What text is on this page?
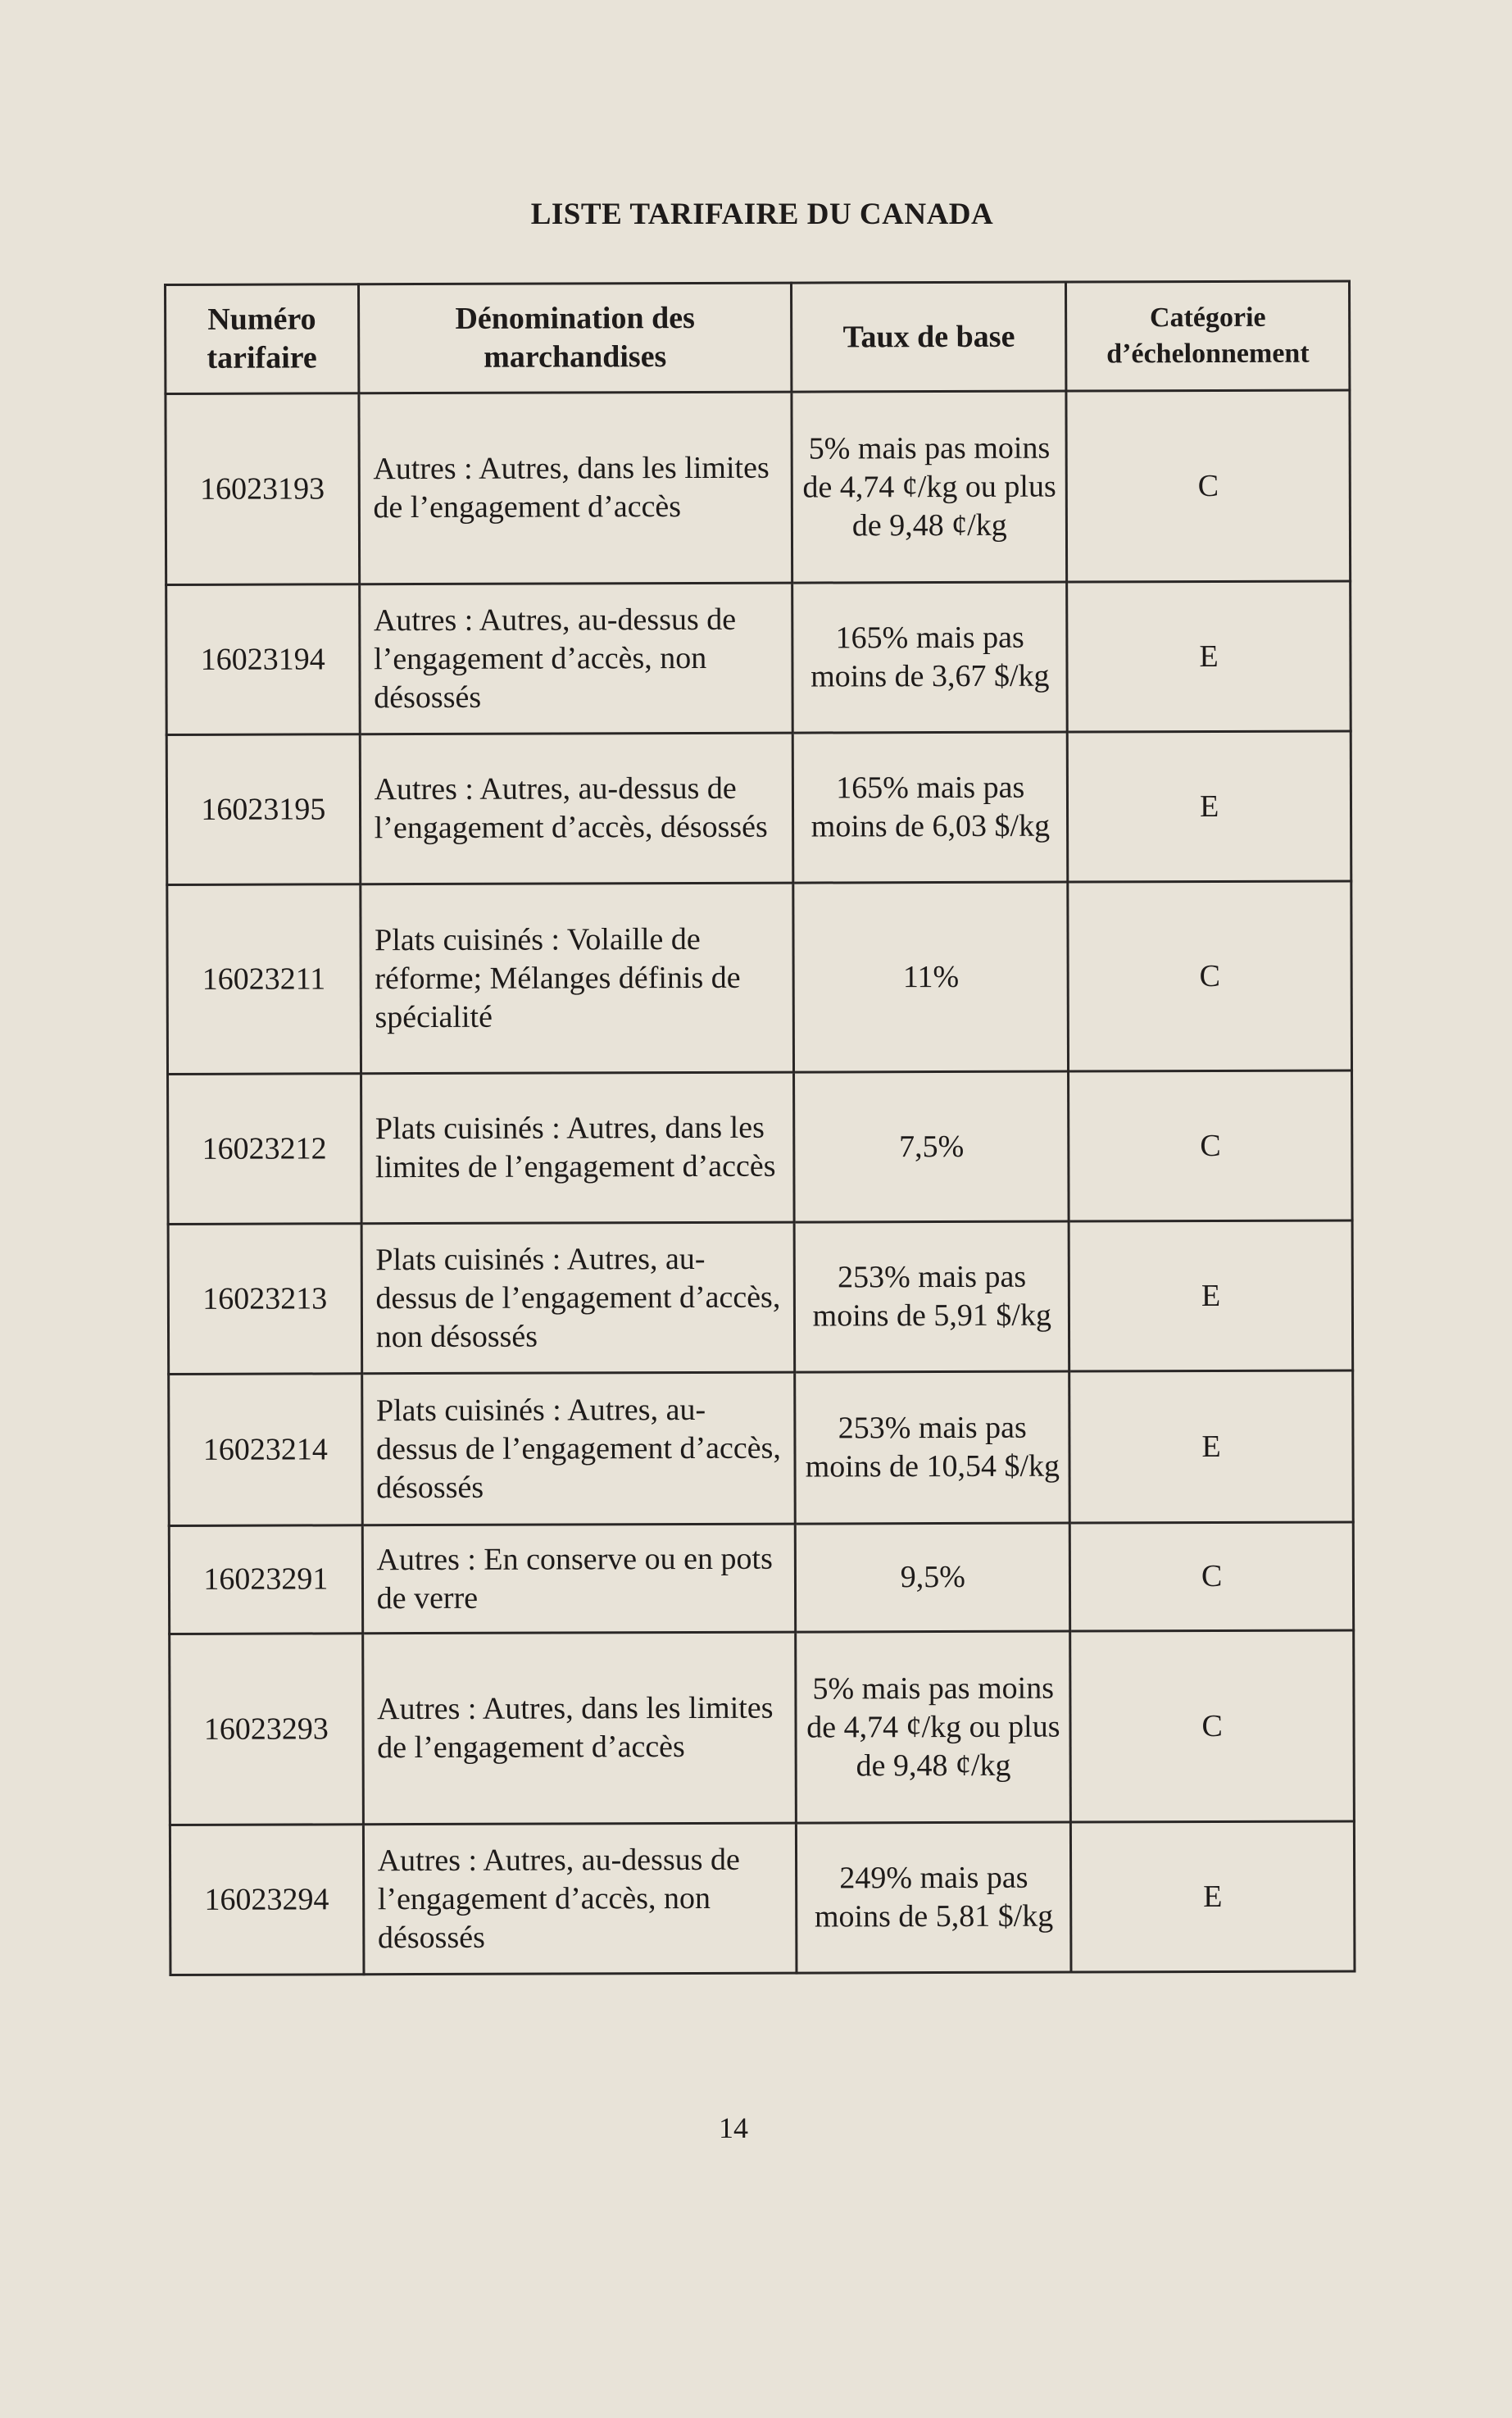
LISTE TARIFAIRE DU CANADA
Numéro tarifaire	Dénomination des marchandises	Taux de base	Catégorie d’échelonnement
16023193	Autres : Autres, dans les limites de l’engagement d’accès	5% mais pas moins de 4,74 ¢/kg ou plus de 9,48 ¢/kg	C
16023194	Autres : Autres, au-dessus de l’engagement d’accès, non désossés	165% mais pas moins de 3,67 $/kg	E
16023195	Autres : Autres, au-dessus de l’engagement d’accès, désossés	165% mais pas moins de 6,03 $/kg	E
16023211	Plats cuisinés : Volaille de réforme; Mélanges définis de spécialité	11%	C
16023212	Plats cuisinés : Autres, dans les limites de l’engagement d’accès	7,5%	C
16023213	Plats cuisinés : Autres, au-dessus de l’engagement d’accès, non désossés	253% mais pas moins de 5,91 $/kg	E
16023214	Plats cuisinés : Autres, au-dessus de l’engagement d’accès, désossés	253% mais pas moins de 10,54 $/kg	E
16023291	Autres : En conserve ou en pots de verre	9,5%	C
16023293	Autres : Autres, dans les limites de l’engagement d’accès	5% mais pas moins de 4,74 ¢/kg ou plus de 9,48 ¢/kg	C
16023294	Autres : Autres, au-dessus de l’engagement d’accès, non désossés	249% mais pas moins de 5,81 $/kg	E
14
